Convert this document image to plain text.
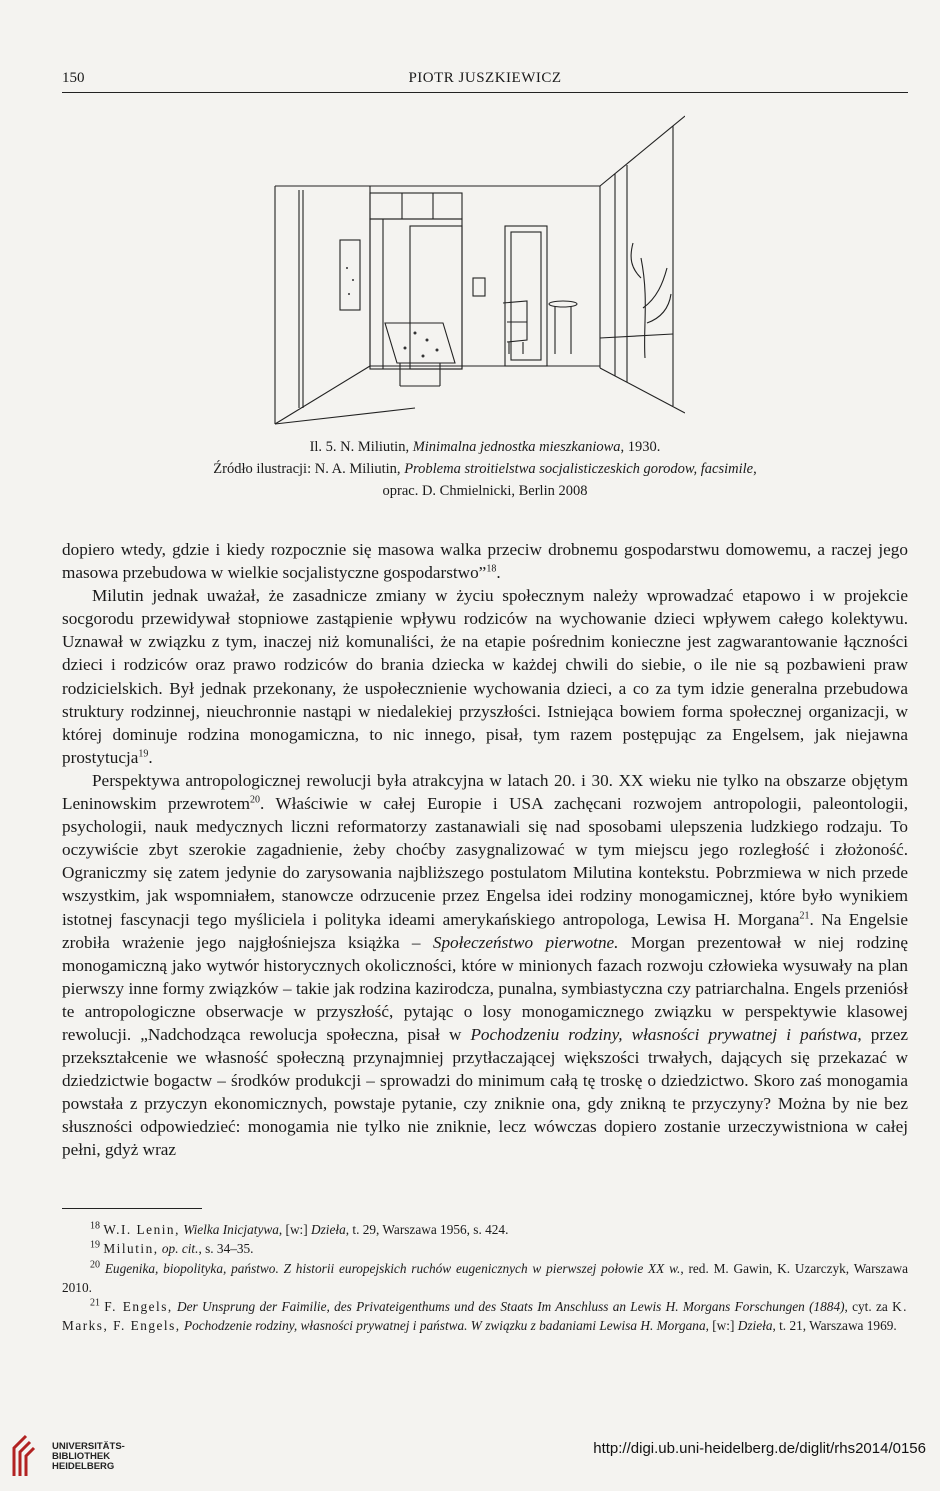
150	PIOTR JUSZKIEWICZ
Il. 5. N. Miliutin, Minimalna jednostka mieszkaniowa, 1930.
Źródło ilustracji: N. A. Miliutin, Problema stroitielstwa socjalisticzeskich gorodow, facsimile,
oprac. D. Chmielnicki, Berlin 2008

dopiero wtedy, gdzie i kiedy rozpocznie się masowa walka przeciw drobnemu gospodarstwu domowemu, a raczej jego masowa przebudowa w wielkie socjalistyczne gospodarstwo”$^{18}$.

Milutin jednak uważał, że zasadnicze zmiany w życiu społecznym należy wprowadzać etapowo i w projekcie socgorodu przewidywał stopniowe zastąpienie wpływu rodziców na wychowanie dzieci wpływem całego kolektywu. Uznawał w związku z tym, inaczej niż komunaliści, że na etapie pośrednim konieczne jest zagwarantowanie łączności dzieci i rodziców oraz prawo rodziców do brania dziecka w każdej chwili do siebie, o ile nie są pozbawieni praw rodzicielskich. Był jednak przekonany, że uspołecznienie wychowania dzieci, a co za tym idzie generalna przebudowa struktury rodzinnej, nieuchronnie nastąpi w niedalekiej przyszłości. Istniejąca bowiem forma społecznej organizacji, w której dominuje rodzina monogamiczna, to nic innego, pisał, tym razem postępując za Engelsem, jak niejawna prostytucja$^{19}$.

Perspektywa antropologicznej rewolucji była atrakcyjna w latach 20. i 30. XX wieku nie tylko na obszarze objętym Leninowskim przewrotem$^{20}$. Właściwie w całej Europie i USA zachęcani rozwojem antropologii, paleontologii, psychologii, nauk medycznych liczni reformatorzy zastanawiali się nad sposobami ulepszenia ludzkiego rodzaju. To oczywiście zbyt szerokie zagadnienie, żeby choćby zasygnalizować w tym miejscu jego rozległość i złożoność. Ograniczmy się zatem jedynie do zarysowania najbliższego postulatom Milutina kontekstu. Pobrzmiewa w nich przede wszystkim, jak wspomniałem, stanowcze odrzucenie przez Engelsa idei rodziny monogamicznej, które było wynikiem istotnej fascynacji tego myśliciela i polityka ideami amerykańskiego antropologa, Lewisa H. Morgana$^{21}$. Na Engelsie zrobiła wrażenie jego najgłośniejsza książka – Społeczeństwo pierwotne. Morgan prezentował w niej rodzinę monogamiczną jako wytwór historycznych okoliczności, które w minionych fazach rozwoju człowieka wysuwały na plan pierwszy inne formy związków – takie jak rodzina kazirodcza, punalna, symbiastyczna czy patriarchalna. Engels przeniósł te antropologiczne obserwacje w przyszłość, pytając o losy monogamicznego związku w perspektywie klasowej rewolucji. „Nadchodząca rewolucja społeczna, pisał w Pochodzeniu rodziny, własności prywatnej i państwa, przez przekształcenie we własność społeczną przynajmniej przytłaczającej większości trwałych, dających się przekazać w dziedzictwie bogactw – środków produkcji – sprowadzi do minimum całą tę troskę o dziedzictwo. Skoro zaś monogamia powstała z przyczyn ekonomicznych, powstaje pytanie, czy zniknie ona, gdy znikną te przyczyny? Można by nie bez słuszności odpowiedzieć: monogamia nie tylko nie zniknie, lecz wówczas dopiero zostanie urzeczywistniona w całej pełni, gdyż wraz

$^{18}$ W.I. Lenin, Wielka Inicjatywa, [w:] Dzieła, t. 29, Warszawa 1956, s. 424.

$^{19}$ Milutin, op. cit., s. 34–35.

$^{20}$ Eugenika, biopolityka, państwo. Z historii europejskich ruchów eugenicznych w pierwszej połowie XX w., red. M. Gawin, K. Uzarczyk, Warszawa 2010.

$^{21}$ F. Engels, Der Unsprung der Faimilie, des Privateigenthums und des Staats Im Anschluss an Lewis H. Morgans Forschungen (1884), cyt. za K. Marks, F. Engels, Pochodzenie rodziny, własności prywatnej i państwa. W związku z badaniami Lewisa H. Morgana, [w:] Dzieła, t. 21, Warszawa 1969.

UNIVERSITÄTS-
BIBLIOTHEK
HEIDELBERG
http://digi.ub.uni-heidelberg.de/diglit/rhs2014/0156
